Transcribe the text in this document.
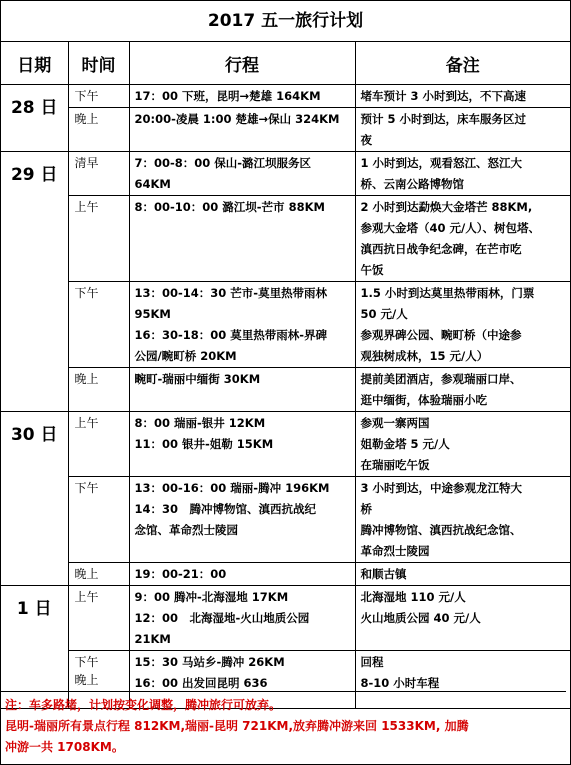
2017 五一旅行计划
日期	时间	行程	备注
28 日	下午	17：00 下班，昆明→楚雄 164KM	堵车预计 3 小时到达，不下高速

	晚上	20:00-凌晨 1:00 楚雄→保山 324KM	预计 5 小时到达，床车服务区过
夜

29 日	清早	7：00-8：00 保山-潞江坝服务区
64KM	1 小时到达，观看怒江、怒江大
桥、云南公路博物馆

	上午	8：00-10：00 潞江坝-芒市 88KM	2 小时到达勐焕大金塔芒 88KM,
参观大金塔（40 元/人）、树包塔、
滇西抗日战争纪念碑，在芒市吃
午饭

	下午	13：00-14：30 芒市-莫里热带雨林
95KM
16：30-18：00 莫里热带雨林-界碑
公园/畹町桥 20KM	1.5 小时到达莫里热带雨林，门票
50 元/人
参观界碑公园、畹町桥（中途参
观独树成林，15 元/人）

	晚上	畹町-瑞丽中缅街 30KM	提前美团酒店，参观瑞丽口岸、
逛中缅街，体验瑞丽小吃

30 日	上午	8：00 瑞丽-银井 12KM
11：00 银井-姐勒 15KM	参观一寨两国
姐勒金塔 5 元/人
在瑞丽吃午饭

	下午	13：00-16：00 瑞丽-腾冲 196KM
14：30　腾冲博物馆、滇西抗战纪
念馆、革命烈士陵园	3 小时到达，中途参观龙江特大
桥
腾冲博物馆、滇西抗战纪念馆、
革命烈士陵园

	晚上	19：00-21：00	和顺古镇

1 日	上午	9：00 腾冲-北海湿地 17KM
12：00　北海湿地-火山地质公园
21KM	北海湿地 110 元/人
火山地质公园 40 元/人

	下午
晚上	15：30 马站乡-腾冲 26KM
16：00 出发回昆明 636	回程
8-10 小时车程
注：车多路堵，计划按变化调整，腾冲旅行可放弃。
昆明-瑞丽所有景点行程 812KM,瑞丽-昆明 721KM,放弃腾冲游来回 1533KM, 加腾
冲游一共 1708KM。
